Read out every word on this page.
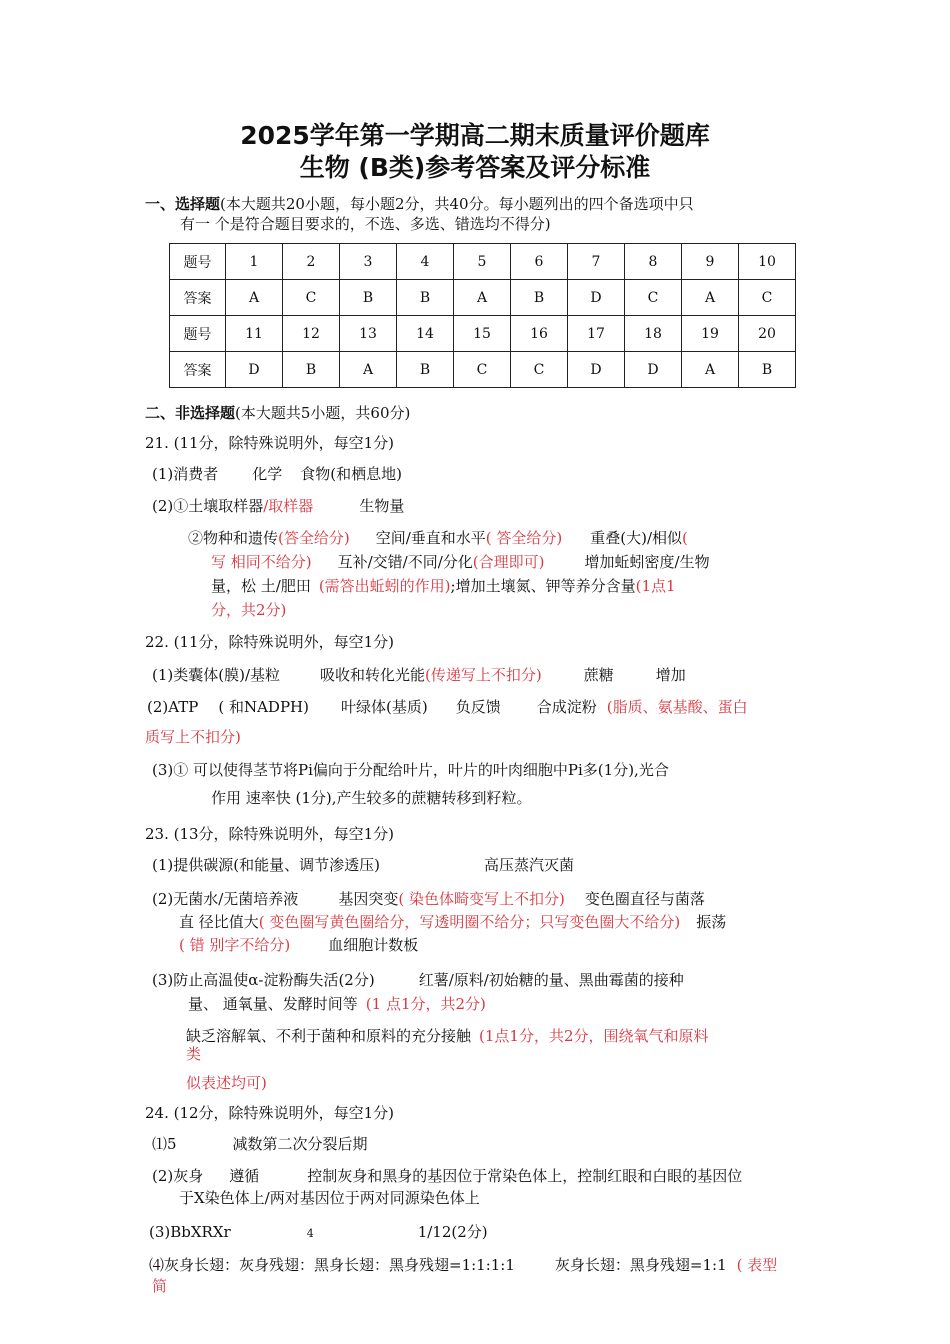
2025学年第一学期高二期末质量评价题库
生物 (B类)参考答案及评分标准
一、选择题(本大题共20小题，每小题2分，共40分。每小题列出的四个备选项中只
有一 个是符合题目要求的，不选、多选、错选均不得分)
题号	1	2	3	4	5	6	7	8	9	10
答案	A	C	B	B	A	B	D	C	A	C
题号	11	12	13	14	15	16	17	18	19	20
答案	D	B	A	B	C	C	D	D	A	B
二、非选择题(本大题共5小题，共60分)
21. (11分，除特殊说明外，每空1分)
(1)消费者 化学 食物(和栖息地)
(2)①土壤取样器/取样器	生物量
②物种和遗传(答全给分) 空间/垂直和水平( 答全给分) 重叠(大)/相似(
写 相同不给分) 互补/交错/不同/分化(合理即可)	增加蚯蚓密度/生物
量，松 土/肥田 (需答出蚯蚓的作用);增加土壤氮、钾等养分含量(1点1
分，共2分)
22. (11分，除特殊说明外，每空1分)
(1)类囊体(膜)/基粒	吸收和转化光能(传递写上不扣分)	蔗糖	增加
(2)ATP ( 和NADPH) 叶绿体(基质) 负反馈 合成淀粉 (脂质、氨基酸、蛋白
质写上不扣分)
(3)① 可以使得茎节将Pi偏向于分配给叶片，叶片的叶肉细胞中Pi多(1分),光合
作用 速率快 (1分),产生较多的蔗糖转移到籽粒。
23. (13分，除特殊说明外，每空1分)
(1)提供碳源(和能量、调节渗透压)	高压蒸汽灭菌
(2)无菌水/无菌培养液	基因突变( 染色体畸变写上不扣分) 变色圈直径与菌落
直 径比值大( 变色圈写黄色圈给分，写透明圈不给分；只写变色圈大不给分) 振荡
( 错 别字不给分)	血细胞计数板
(3)防止高温使α-淀粉酶失活(2分)	红薯/原料/初始糖的量、黑曲霉菌的接种
量、 通氧量、发酵时间等 (1 点1分，共2分)
缺乏溶解氧、不利于菌种和原料的充分接触 (1点1分，共2分，围绕氧气和原料
类
似表述均可)
24. (12分，除特殊说明外，每空1分)
⑴5	减数第二次分裂后期
(2)灰身 遵循	控制灰身和黑身的基因位于常染色体上，控制红眼和白眼的基因位
于X染色体上/两对基因位于两对同源染色体上
(3)BbXRXr	4	1/12(2分)
⑷灰身长翅：灰身残翅：黑身长翅：黑身残翅=1:1:1:1	灰身长翅：黑身残翅=1:1 ( 表型
简
